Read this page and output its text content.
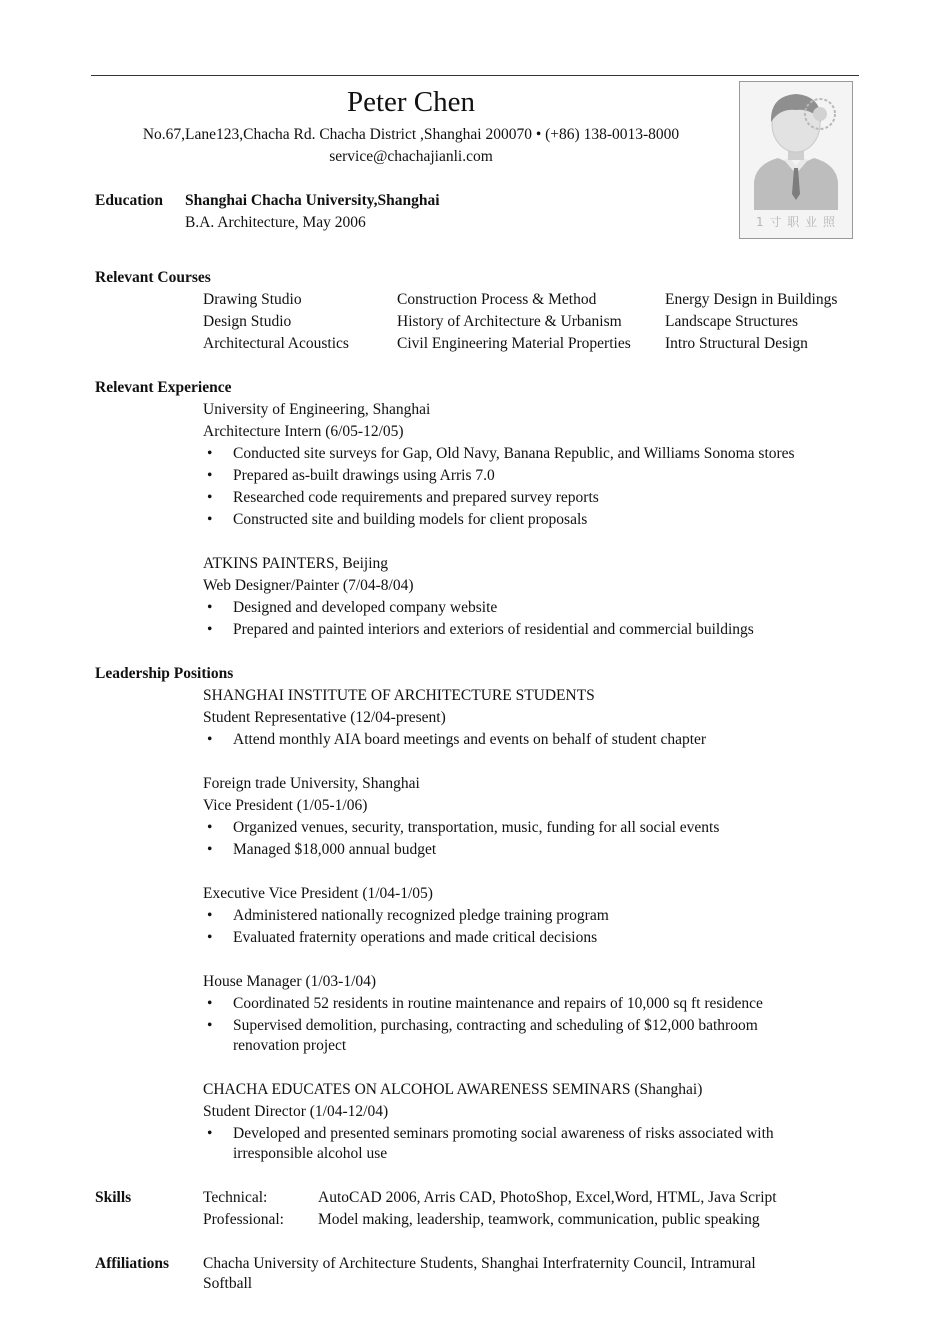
Peter Chen
No.67,Lane123,Chacha Rd. Chacha District ,Shanghai 200070 • (+86) 138-0013-8000
service@chachajianli.com
1 寸 职 业 照
Education Shanghai Chacha University,Shanghai
B.A. Architecture, May 2006
Relevant Courses
Drawing Studio	Construction Process & Method	Energy Design in Buildings
Design Studio	History of Architecture & Urbanism	Landscape Structures
Architectural Acoustics	Civil Engineering Material Properties	Intro Structural Design
Relevant Experience
University of Engineering, Shanghai
Architecture Intern (6/05-12/05)
• Conducted site surveys for Gap, Old Navy, Banana Republic, and Williams Sonoma stores
• Prepared as-built drawings using Arris 7.0
• Researched code requirements and prepared survey reports
• Constructed site and building models for client proposals
ATKINS PAINTERS, Beijing
Web Designer/Painter (7/04-8/04)
• Designed and developed company website
• Prepared and painted interiors and exteriors of residential and commercial buildings
Leadership Positions
SHANGHAI INSTITUTE OF ARCHITECTURE STUDENTS
Student Representative (12/04-present)
• Attend monthly AIA board meetings and events on behalf of student chapter
Foreign trade University, Shanghai
Vice President (1/05-1/06)
• Organized venues, security, transportation, music, funding for all social events
• Managed $18,000 annual budget
Executive Vice President (1/04-1/05)
• Administered nationally recognized pledge training program
• Evaluated fraternity operations and made critical decisions
House Manager (1/03-1/04)
• Coordinated 52 residents in routine maintenance and repairs of 10,000 sq ft residence
• Supervised demolition, purchasing, contracting and scheduling of $12,000 bathroom
renovation project
CHACHA EDUCATES ON ALCOHOL AWARENESS SEMINARS (Shanghai)
Student Director (1/04-12/04)
• Developed and presented seminars promoting social awareness of risks associated with
irresponsible alcohol use
Skills	Technical:	AutoCAD 2006, Arris CAD, PhotoShop, Excel,Word, HTML, Java Script
Professional: Model making, leadership, teamwork, communication, public speaking
Affiliations Chacha University of Architecture Students, Shanghai Interfraternity Council, Intramural
Softball
